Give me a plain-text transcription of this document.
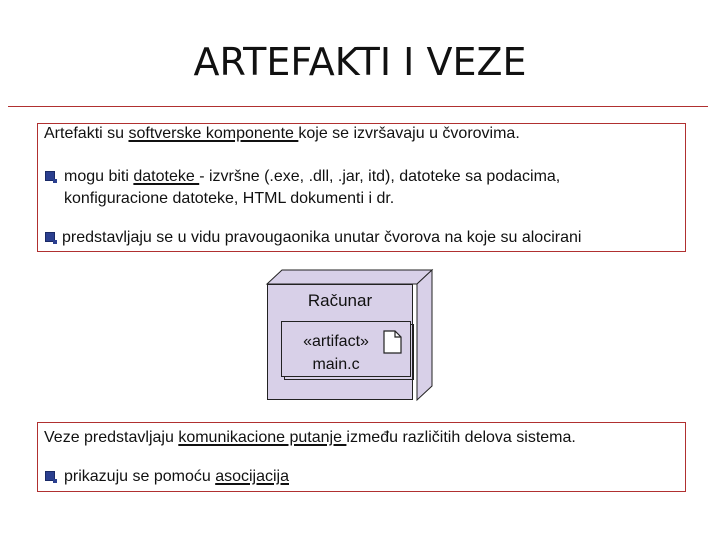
ARTEFAKTI I VEZE
Artefakti su softverske komponente koje se izvršavaju u čvorovima.
mogu biti datoteke - izvršne (.exe, .dll, .jar, itd), datoteke sa podacima,
konfiguracione datoteke, HTML dokumenti i dr.
predstavljaju se u vidu pravougaonika unutar čvorova na koje su alocirani
Računar
«artifact»
main.c
Veze predstavljaju komunikacione putanje između različitih delova sistema.
prikazuju se pomoću asocijacija
